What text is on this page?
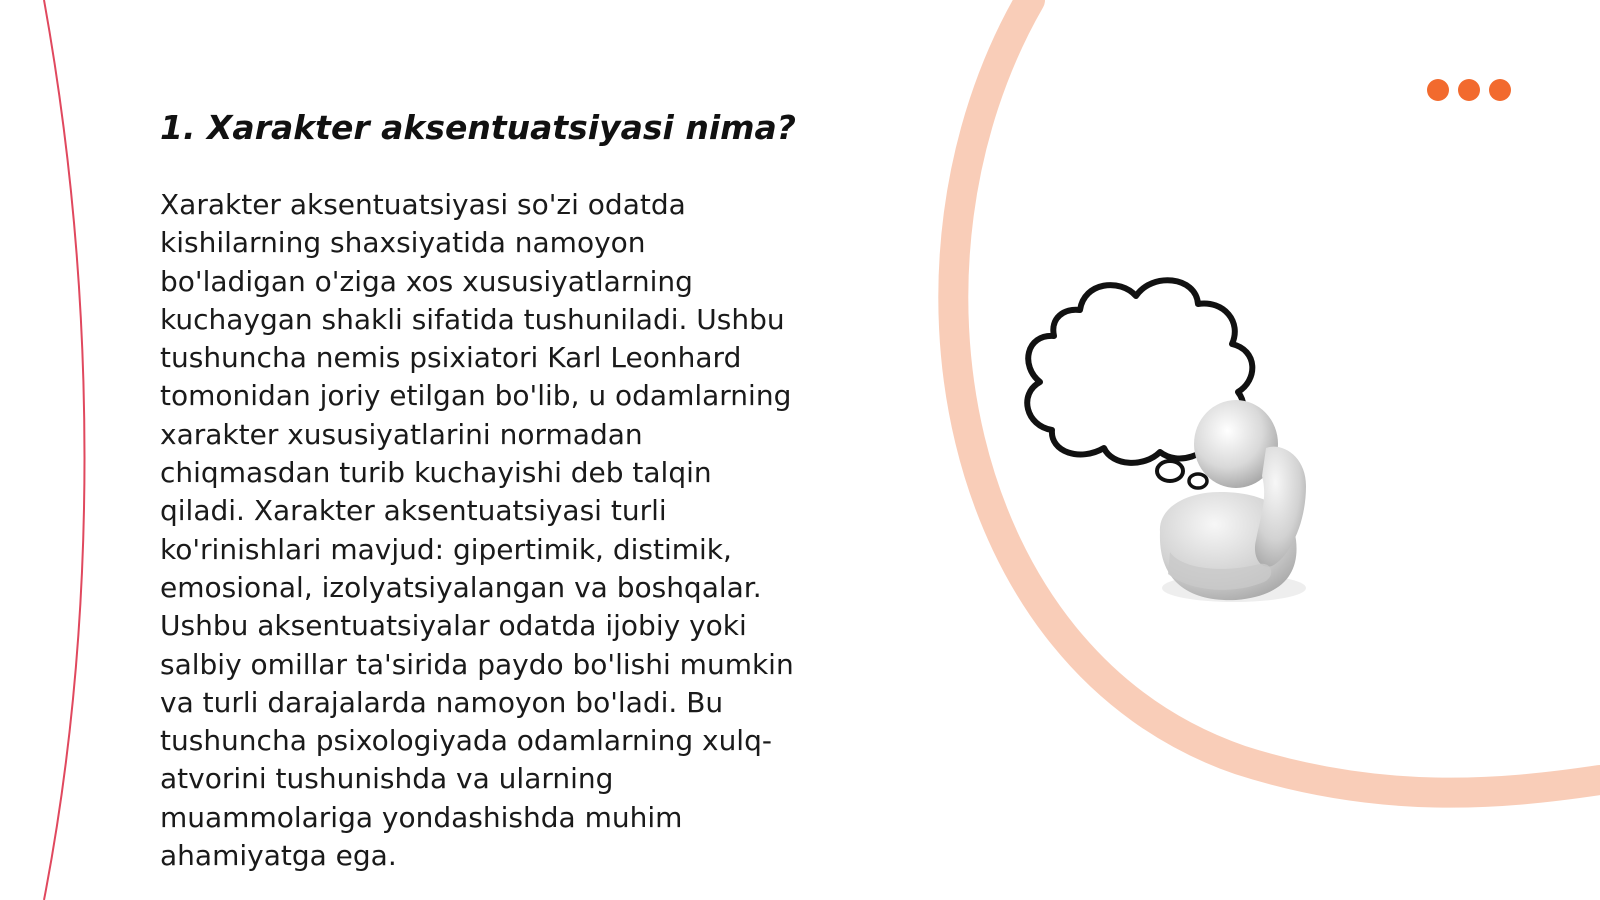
1. Xarakter aksentuatsiyasi nima?
Xarakter aksentuatsiyasi so'zi odatda
kishilarning shaxsiyatida namoyon
bo'ladigan o'ziga xos xususiyatlarning
kuchaygan shakli sifatida tushuniladi. Ushbu
tushuncha nemis psixiatori Karl Leonhard
tomonidan joriy etilgan bo'lib, u odamlarning
xarakter xususiyatlarini normadan
chiqmasdan turib kuchayishi deb talqin
qiladi. Xarakter aksentuatsiyasi turli
ko'rinishlari mavjud: gipertimik, distimik,
emosional, izolyatsiyalangan va boshqalar.
Ushbu aksentuatsiyalar odatda ijobiy yoki
salbiy omillar ta'sirida paydo bo'lishi mumkin
va turli darajalarda namoyon bo'ladi. Bu
tushuncha psixologiyada odamlarning xulq-
atvorini tushunishda va ularning
muammolariga yondashishda muhim
ahamiyatga ega.
